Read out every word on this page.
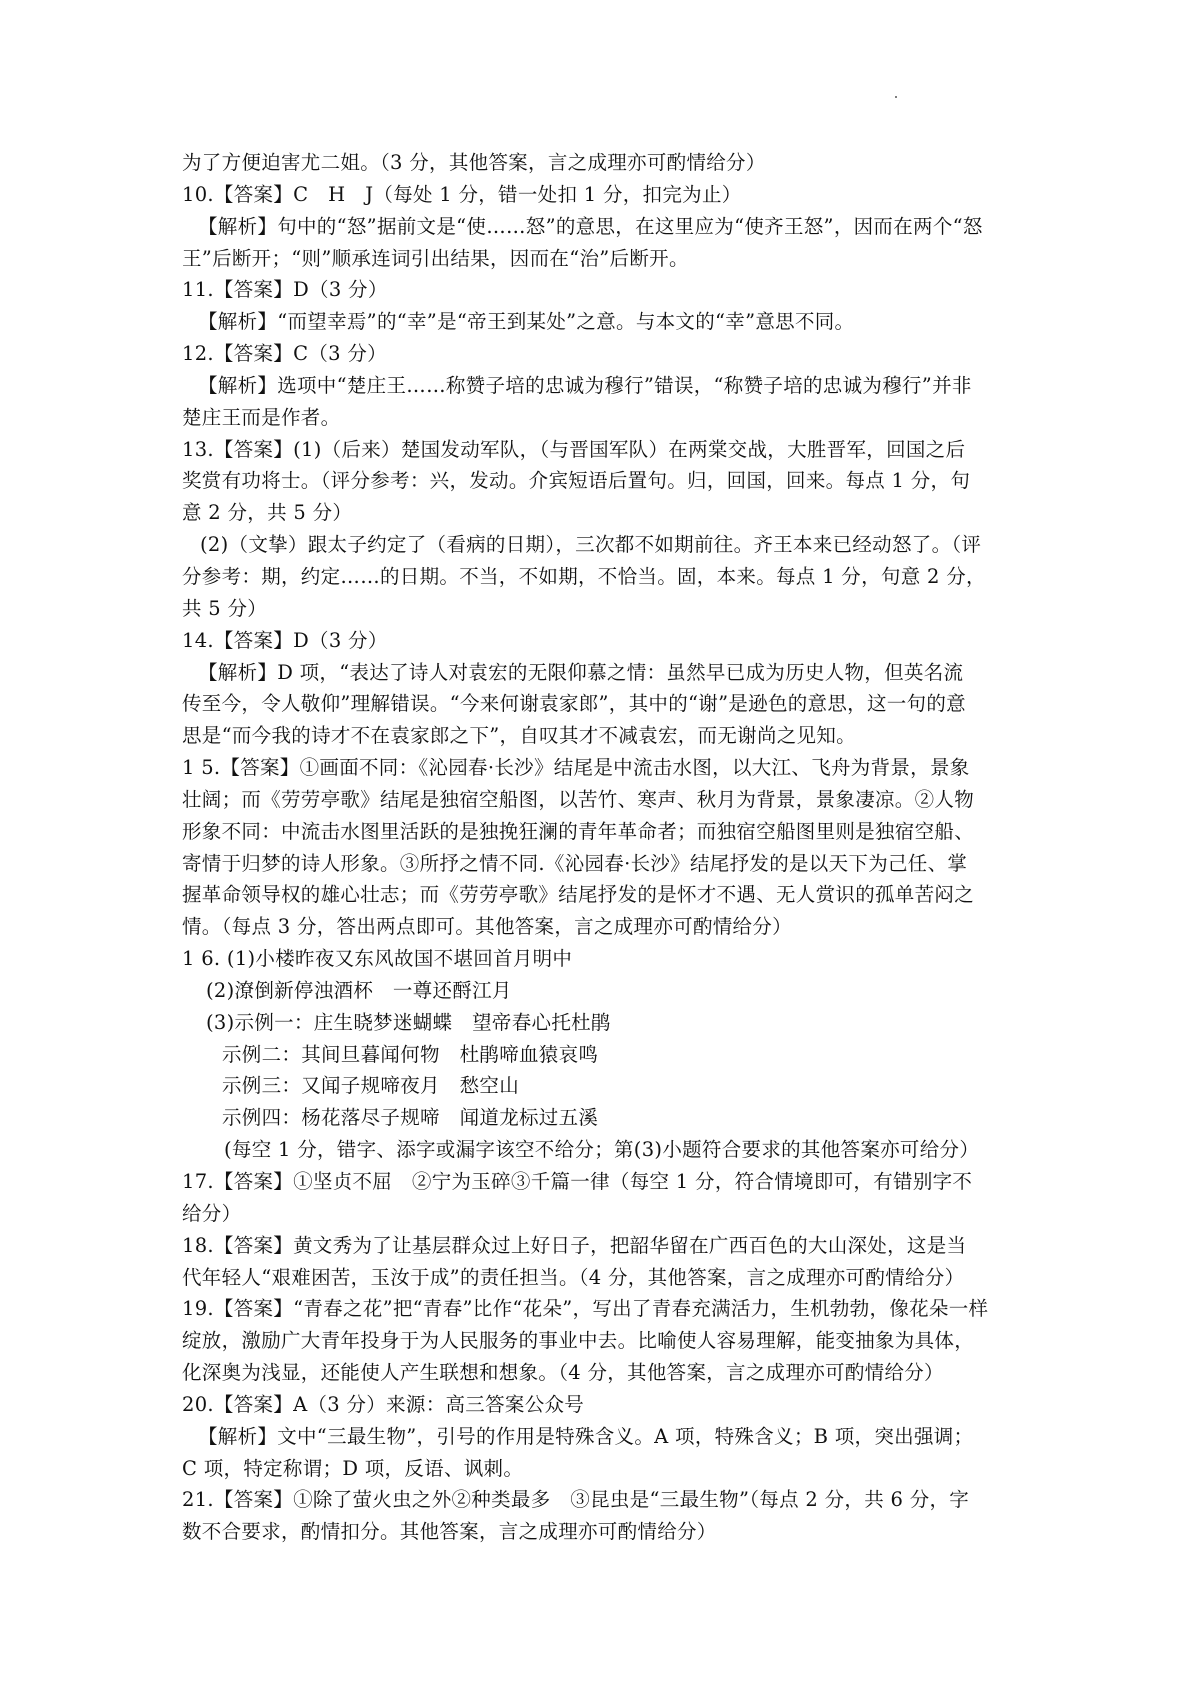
为了方便迫害尤二姐。（3 分，其他答案，言之成理亦可酌情给分）
10.【答案】C　H　J（每处 1 分，错一处扣 1 分，扣完为止）
【解析】句中的“怒”据前文是“使……怒”的意思，在这里应为“使齐王怒”，因而在两个“怒
王”后断开；“则”顺承连词引出结果，因而在“治”后断开。
11.【答案】D（3 分）
【解析】“而望幸焉”的“幸”是“帝王到某处”之意。与本文的“幸”意思不同。
12.【答案】C（3 分）
【解析】选项中“楚庄王……称赞子培的忠诚为穆行”错误，“称赞子培的忠诚为穆行”并非
楚庄王而是作者。
13.【答案】(1)（后来）楚国发动军队，（与晋国军队）在两棠交战，大胜晋军，回国之后
奖赏有功将士。（评分参考：兴，发动。介宾短语后置句。归，回国，回来。每点 1 分，句
意 2 分，共 5 分）
(2)（文挚）跟太子约定了（看病的日期），三次都不如期前往。齐王本来已经动怒了。（评
分参考：期，约定……的日期。不当，不如期，不恰当。固，本来。每点 1 分，句意 2 分，
共 5 分）
14.【答案】D（3 分）
【解析】D 项，“表达了诗人对袁宏的无限仰慕之情：虽然早已成为历史人物，但英名流
传至今，令人敬仰”理解错误。“今来何谢袁家郎”，其中的“谢”是逊色的意思，这一句的意
思是“而今我的诗才不在袁家郎之下”，自叹其才不减袁宏，而无谢尚之见知。
1 5.【答案】①画面不同：《沁园春·长沙》结尾是中流击水图，以大江、飞舟为背景，景象
壮阔；而《劳劳亭歌》结尾是独宿空船图，以苦竹、寒声、秋月为背景，景象凄凉。②人物
形象不同：中流击水图里活跃的是独挽狂澜的青年革命者；而独宿空船图里则是独宿空船、
寄情于归梦的诗人形象。③所抒之情不同.《沁园春·长沙》结尾抒发的是以天下为己任、掌
握革命领导权的雄心壮志；而《劳劳亭歌》结尾抒发的是怀才不遇、无人赏识的孤单苦闷之
情。（每点 3 分，答出两点即可。其他答案，言之成理亦可酌情给分）
1 6. (1)小楼昨夜又东风故国不堪回首月明中
(2)潦倒新停浊酒杯　一尊还酹江月
(3)示例一：庄生晓梦迷蝴蝶　望帝春心托杜鹃
示例二：其间旦暮闻何物　杜鹃啼血猿哀鸣
示例三：又闻子规啼夜月　愁空山
示例四：杨花落尽子规啼　闻道龙标过五溪
(每空 1 分，错字、添字或漏字该空不给分；第(3)小题符合要求的其他答案亦可给分）
17.【答案】①坚贞不屈　②宁为玉碎③千篇一律（每空 1 分，符合情境即可，有错别字不
给分）
18.【答案】黄文秀为了让基层群众过上好日子，把韶华留在广西百色的大山深处，这是当
代年轻人“艰难困苦，玉汝于成”的责任担当。（4 分，其他答案，言之成理亦可酌情给分）
19.【答案】“青春之花”把“青春”比作“花朵”，写出了青春充满活力，生机勃勃，像花朵一样
绽放，激励广大青年投身于为人民服务的事业中去。比喻使人容易理解，能变抽象为具体，
化深奥为浅显，还能使人产生联想和想象。（4 分，其他答案，言之成理亦可酌情给分）
20.【答案】A（3 分）来源：高三答案公众号
【解析】文中“三最生物”，引号的作用是特殊含义。A 项，特殊含义；B 项，突出强调；
C 项，特定称谓；D 项，反语、讽刺。
21.【答案】①除了萤火虫之外②种类最多　③昆虫是“三最生物”（每点 2 分，共 6 分，字
数不合要求，酌情扣分。其他答案，言之成理亦可酌情给分）
